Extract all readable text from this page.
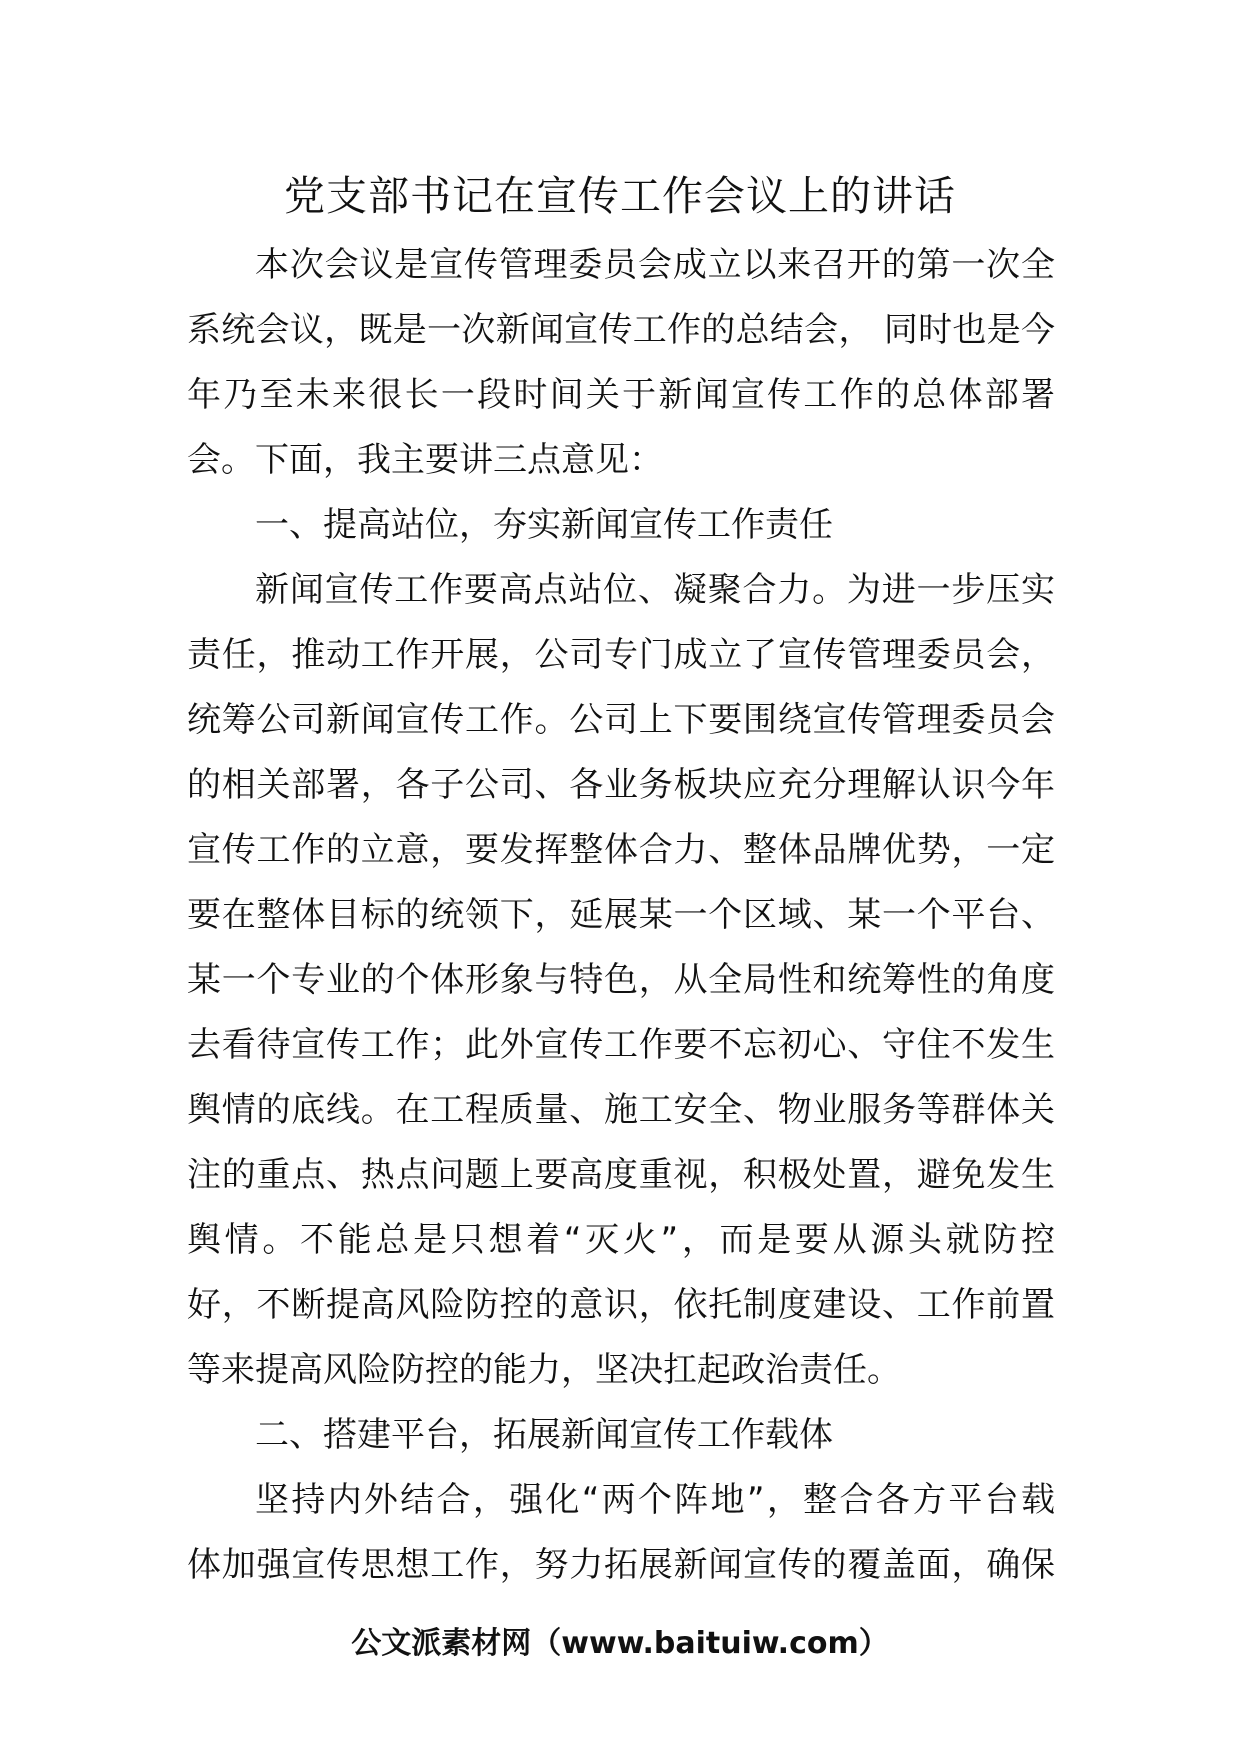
党支部书记在宣传工作会议上的讲话
本次会议是宣传管理委员会成立以来召开的第一次全
系统会议，既是一次新闻宣传工作的总结会， 同时也是今
年乃至未来很长一段时间关于新闻宣传工作的总体部署
会。下面，我主要讲三点意见：
一、提高站位，夯实新闻宣传工作责任
新闻宣传工作要高点站位、凝聚合力。为进一步压实
责任，推动工作开展，公司专门成立了宣传管理委员会，
统筹公司新闻宣传工作。公司上下要围绕宣传管理委员会
的相关部署，各子公司、各业务板块应充分理解认识今年
宣传工作的立意，要发挥整体合力、整体品牌优势，一定
要在整体目标的统领下，延展某一个区域、某一个平台、
某一个专业的个体形象与特色，从全局性和统筹性的角度
去看待宣传工作；此外宣传工作要不忘初心、守住不发生
舆情的底线。在工程质量、施工安全、物业服务等群体关
注的重点、热点问题上要高度重视，积极处置，避免发生
舆情。不能总是只想着“灭火”，而是要从源头就防控
好，不断提高风险防控的意识，依托制度建设、工作前置
等来提高风险防控的能力，坚决扛起政治责任。
二、搭建平台，拓展新闻宣传工作载体
坚持内外结合，强化“两个阵地”，整合各方平台载
体加强宣传思想工作，努力拓展新闻宣传的覆盖面，确保
公文派素材网（www.baituiw.com）
